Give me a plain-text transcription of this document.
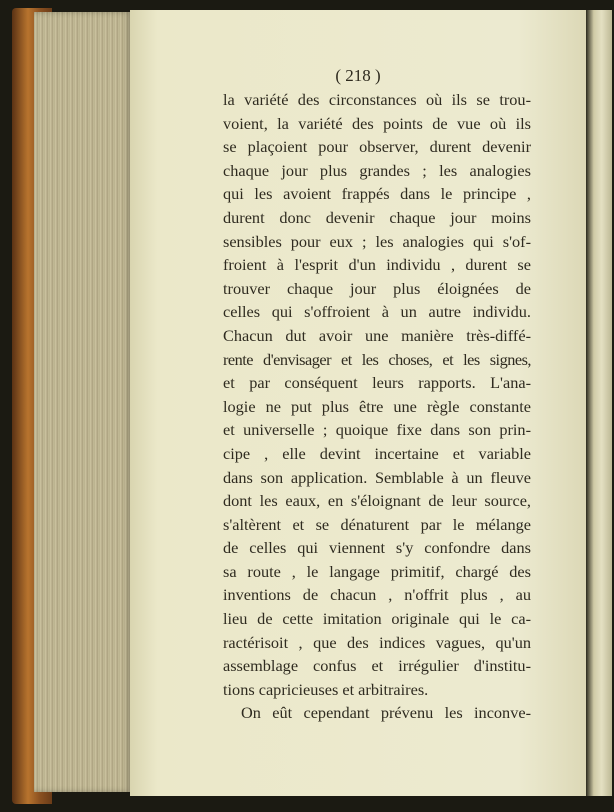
( 218 )
la variété des circonstances où ils se trou-
voient, la variété des points de vue où ils
se plaçoient pour observer, durent devenir
chaque jour plus grandes ; les analogies
qui les avoient frappés dans le principe ,
durent donc devenir chaque jour moins
sensibles pour eux ; les analogies qui s'of-
froient à l'esprit d'un individu , durent se
trouver chaque jour plus éloignées de
celles qui s'offroient à un autre individu.
Chacun dut avoir une manière très-diffé-
rente d'envisager et les choses, et les signes,
et par conséquent leurs rapports. L'ana-
logie ne put plus être une règle constante
et universelle ; quoique fixe dans son prin-
cipe , elle devint incertaine et variable
dans son application. Semblable à un fleuve
dont les eaux, en s'éloignant de leur source,
s'altèrent et se dénaturent par le mélange
de celles qui viennent s'y confondre dans
sa route , le langage primitif, chargé des
inventions de chacun , n'offrit plus , au
lieu de cette imitation originale qui le ca-
ractérisoit , que des indices vagues, qu'un
assemblage confus et irrégulier d'institu-
tions capricieuses et arbitraires.
On eût cependant prévenu les inconve-
